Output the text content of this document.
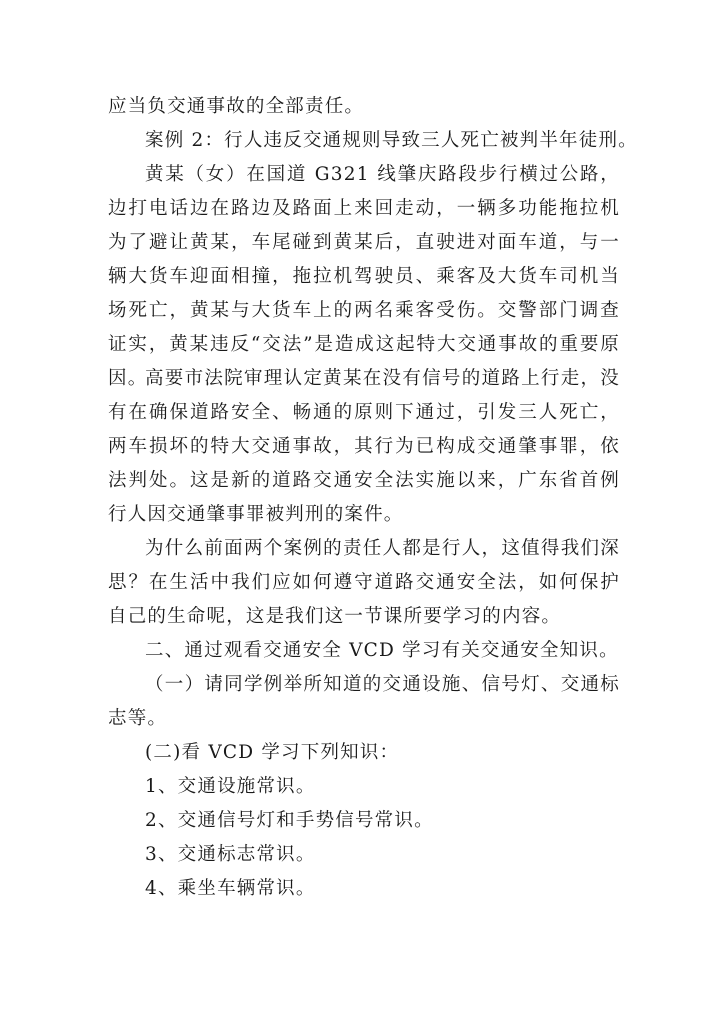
应当负交通事故的全部责任。

案例 2：行人违反交通规则导致三人死亡被判半年徒刑。

黄某（女）在国道 G321 线肇庆路段步行横过公路，边打电话边在路边及路面上来回走动，一辆多功能拖拉机为了避让黄某，车尾碰到黄某后，直驶进对面车道，与一辆大货车迎面相撞，拖拉机驾驶员、乘客及大货车司机当场死亡，黄某与大货车上的两名乘客受伤。交警部门调查证实，黄某违反“交法”是造成这起特大交通事故的重要原因。

高要市法院审理认定黄某在没有信号的道路上行走，没有在确保道路安全、畅通的原则下通过，引发三人死亡，两车损坏的特大交通事故，其行为已构成交通肇事罪，依法判处。这是新的道路交通安全法实施以来，广东省首例行人因交通肇事罪被判刑的案件。

为什么前面两个案例的责任人都是行人，这值得我们深思？在生活中我们应如何遵守道路交通安全法，如何保护自己的生命呢，这是我们这一节课所要学习的内容。

二、通过观看交通安全 VCD 学习有关交通安全知识。

（一）请同学例举所知道的交通设施、信号灯、交通标志等。

(二)看 VCD 学习下列知识：

1、交通设施常识。

2、交通信号灯和手势信号常识。

3、交通标志常识。

4、乘坐车辆常识。
